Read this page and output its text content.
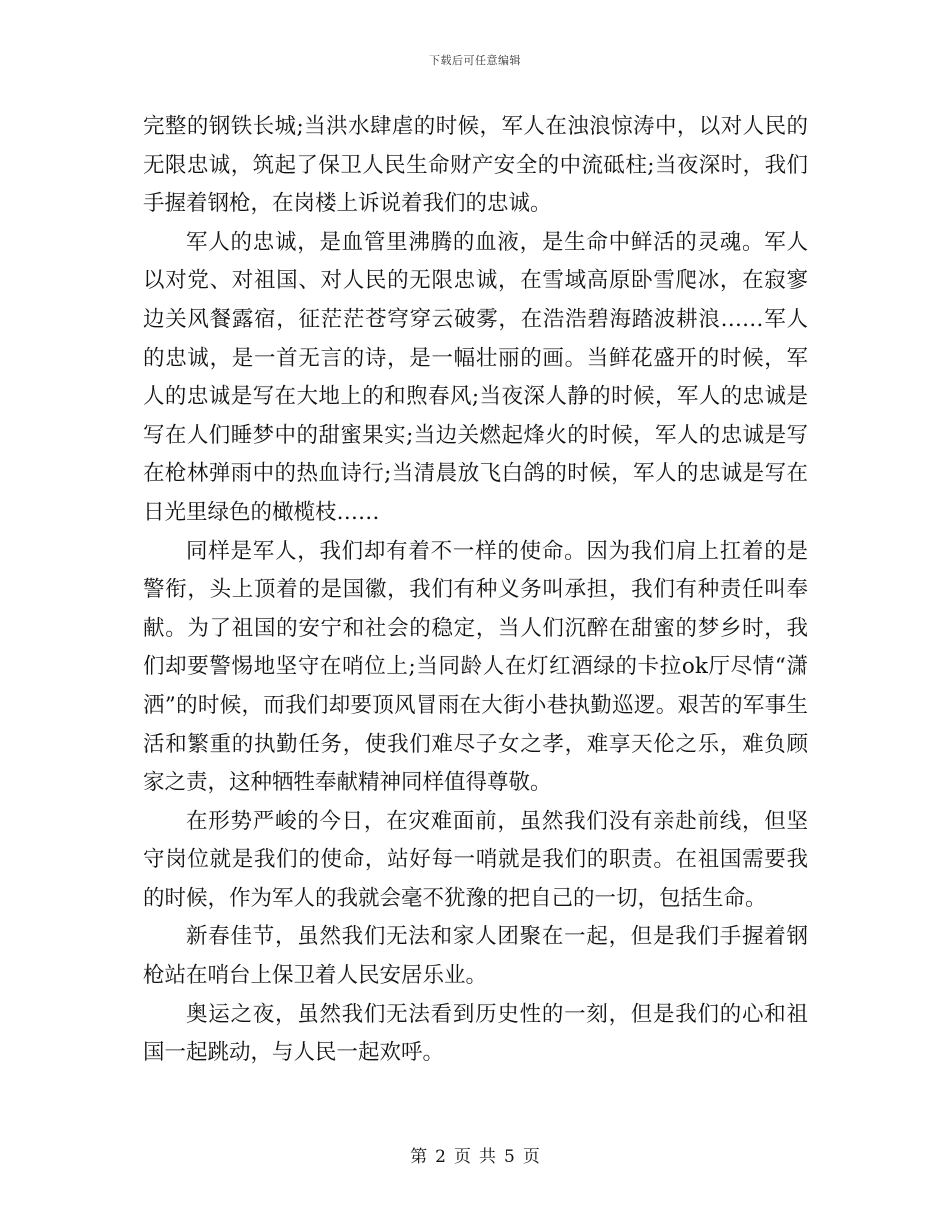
下载后可任意编辑

完整的钢铁长城;当洪水肆虐的时候，军人在浊浪惊涛中，以对人民的无限忠诚，筑起了保卫人民生命财产安全的中流砥柱;当夜深时，我们手握着钢枪，在岗楼上诉说着我们的忠诚。

军人的忠诚，是血管里沸腾的血液，是生命中鲜活的灵魂。军人以对党、对祖国、对人民的无限忠诚，在雪域高原卧雪爬冰，在寂寥边关风餐露宿，征茫茫苍穹穿云破雾，在浩浩碧海踏波耕浪……军人的忠诚，是一首无言的诗，是一幅壮丽的画。当鲜花盛开的时候，军人的忠诚是写在大地上的和煦春风;当夜深人静的时候，军人的忠诚是写在人们睡梦中的甜蜜果实;当边关燃起烽火的时候，军人的忠诚是写在枪林弹雨中的热血诗行;当清晨放飞白鸽的时候，军人的忠诚是写在日光里绿色的橄榄枝……

同样是军人，我们却有着不一样的使命。因为我们肩上扛着的是警衔，头上顶着的是国徽，我们有种义务叫承担，我们有种责任叫奉献。为了祖国的安宁和社会的稳定，当人们沉醉在甜蜜的梦乡时，我们却要警惕地坚守在哨位上;当同龄人在灯红酒绿的卡拉ok厅尽情“潇洒”的时候，而我们却要顶风冒雨在大街小巷执勤巡逻。艰苦的军事生活和繁重的执勤任务，使我们难尽子女之孝，难享天伦之乐，难负顾家之责，这种牺牲奉献精神同样值得尊敬。

在形势严峻的今日，在灾难面前，虽然我们没有亲赴前线，但坚守岗位就是我们的使命，站好每一哨就是我们的职责。在祖国需要我的时候，作为军人的我就会毫不犹豫的把自己的一切，包括生命。

新春佳节，虽然我们无法和家人团聚在一起，但是我们手握着钢枪站在哨台上保卫着人民安居乐业。

奥运之夜，虽然我们无法看到历史性的一刻，但是我们的心和祖国一起跳动，与人民一起欢呼。

第 2 页 共 5 页
